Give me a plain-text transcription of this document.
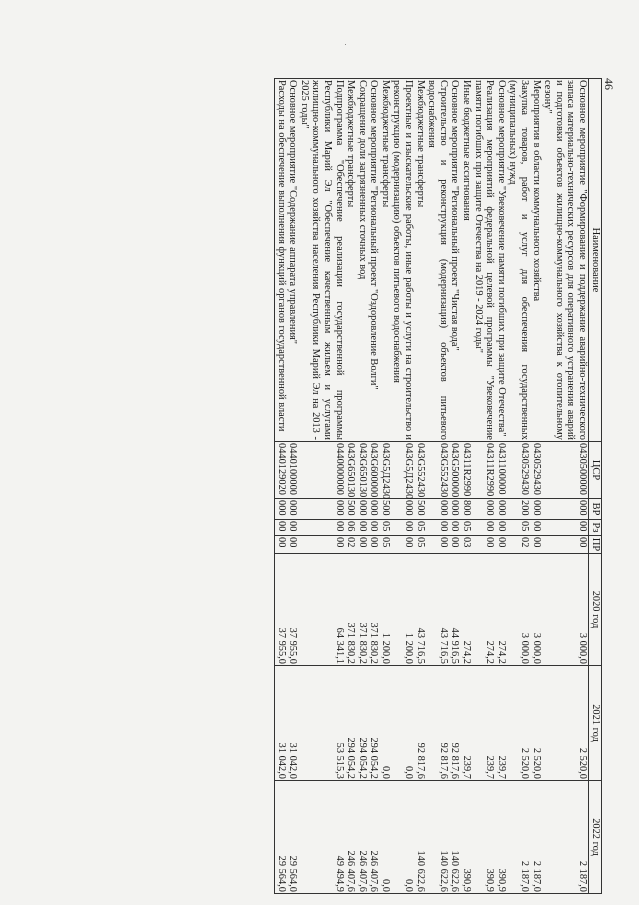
46
Наименование	ЦСР	ВР	Рз	ПР	2020 год	2021 год	2022 год
Основное мероприятие "Формирование и поддержание аварийно-технического запаса материально-технических ресурсов для оперативного устранения аварий и подготовки объектов жилищно-коммунального хозяйства к отопительному сезону"	0430500000	000	00	00	3 000,0	2 520,0	2 187,0
Мероприятия в области коммунального хозяйства	0430529430	000	00	00	3 000,0	2 520,0	2 187,0
Закупка товаров, работ и услуг для обеспечения государственных (муниципальных) нужд	0430529430	200	05	02	3 000,0	2 520,0	2 187,0
Основное мероприятие "Увековечение памяти погибших при защите Отечества"	0431100000	000	00	00	274,2	239,7	390,9
Реализация мероприятий федеральной целевой программы "Увековечение памяти погибших при защите Отечества на 2019 - 2024 годы"	04311R2990	000	00	00	274,2	239,7	390,9
Иные бюджетные ассигнования	04311R2990	800	05	03	274,2	239,7	390,9
Основное мероприятие "Региональный проект "Чистая вода"	043G500000	000	00	00	44 916,5	92 817,6	140 622,6
Строительство и реконструкция (модернизация) объектов питьевого водоснабжения	043G552430	000	00	00	43 716,5	92 817,6	140 622,6
Межбюджетные трансферты	043G552430	500	05	05	43 716,5	92 817,6	140 622,6
Проектные и изыскательские работы, иные работы и услуги на строительство и реконструкцию (модернизацию) объектов питьевого водоснабжения	043G5Д2430	000	00	00	1 200,0	0,0	0,0
Межбюджетные трансферты	043G5Д2430	500	05	05	1 200,0	0,0	0,0
Основное мероприятие "Региональный проект "Оздоровление Волги"	043G600000	000	00	00	371 830,2	294 054,2	246 407,6
Сокращение доли загрязненных сточных вод	043G650130	000	00	00	371 830,2	294 054,2	246 407,6
Межбюджетные трансферты	043G650130	500	06	02	371 830,2	294 054,2	246 407,6
Подпрограмма "Обеспечение реализации государственной программы Республики Марий Эл "Обеспечение качественным жильем и услугами жилищно-коммунального хозяйства населения Республики Марий Эл на 2013 - 2025 годы"	0440000000	000	00	00	64 341,1	53 515,3	49 494,9
Основное мероприятие "Содержание аппарата управления"	0440100000	000	00	00	37 955,0	31 042,0	29 564,0
Расходы на обеспечение выполнения функций органов государственной власти	0440129020	000	00	00	37 955,0	31 042,0	29 564,0
